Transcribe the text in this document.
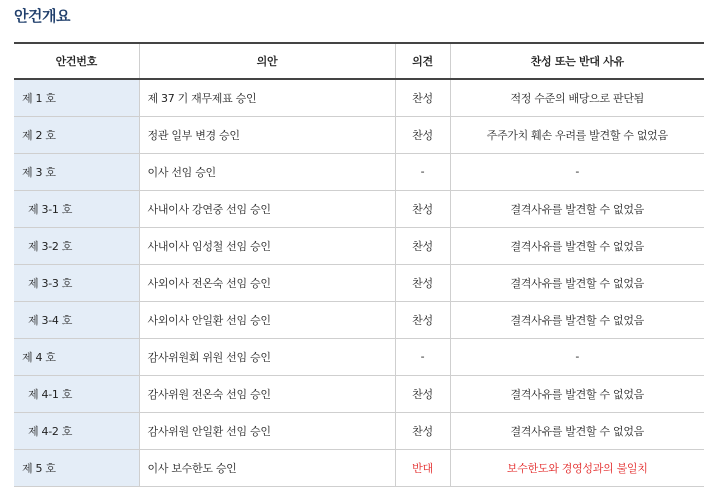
안건개요
안건번호	의안	의견	찬성 또는 반대 사유
제 1 호	제 37 기 재무제표 승인	찬성	적정 수준의 배당으로 판단됨
제 2 호	정관 일부 변경 승인	찬성	주주가치 훼손 우려를 발견할 수 없었음
제 3 호	이사 선임 승인	-	-
제 3-1 호	사내이사 강연중 선임 승인	찬성	결격사유를 발견할 수 없었음
제 3-2 호	사내이사 임성철 선임 승인	찬성	결격사유를 발견할 수 없었음
제 3-3 호	사외이사 전온숙 선임 승인	찬성	결격사유를 발견할 수 없었음
제 3-4 호	사외이사 안일환 선임 승인	찬성	결격사유를 발견할 수 없었음
제 4 호	감사위원회 위원 선임 승인	-	-
제 4-1 호	감사위원 전온숙 선임 승인	찬성	결격사유를 발견할 수 없었음
제 4-2 호	감사위원 안일환 선임 승인	찬성	결격사유를 발견할 수 없었음
제 5 호	이사 보수한도 승인	반대	보수한도와 경영성과의 불일치
